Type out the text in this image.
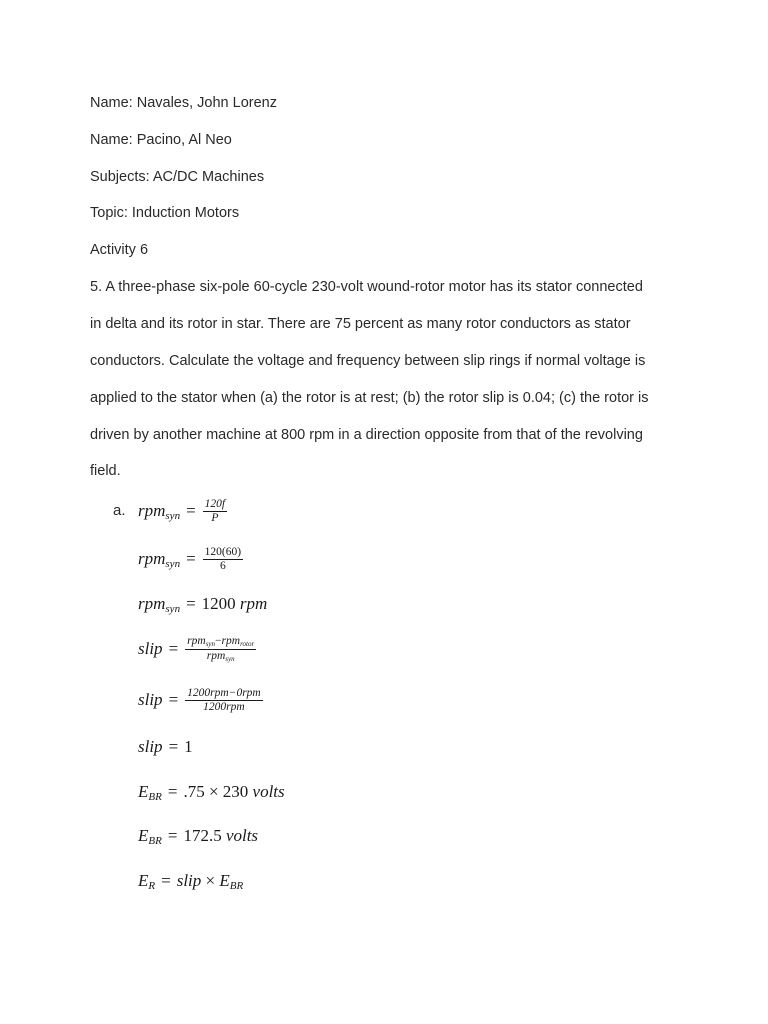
Name: Navales, John Lorenz
Name: Pacino, Al Neo
Subjects: AC/DC Machines
Topic: Induction Motors
Activity 6
5. A three-phase six-pole 60-cycle 230-volt wound-rotor motor has its stator connected
in delta and its rotor in star. There are 75 percent as many rotor conductors as stator
conductors. Calculate the voltage and frequency between slip rings if normal voltage is
applied to the stator when (a) the rotor is at rest; (b) the rotor slip is 0.04; (c) the rotor is
driven by another machine at 800 rpm in a direction opposite from that of the revolving
field.
a. rpm syn = $\frac{120f}{P}$
rpm syn = $\frac{120(60)}{6}$
rpm syn = 1200
rpm
slip = $\frac{\text{rpmsyn−rpmrotor}}{\text{rpmsyn}}$
slip = $\frac{\text{1200rpm−0rpm}}{\text{1200rpm}}$
slip = 1
E BR = .75 × 230
volts
E BR = 172.5
volts
E R = slip
×
E BR
